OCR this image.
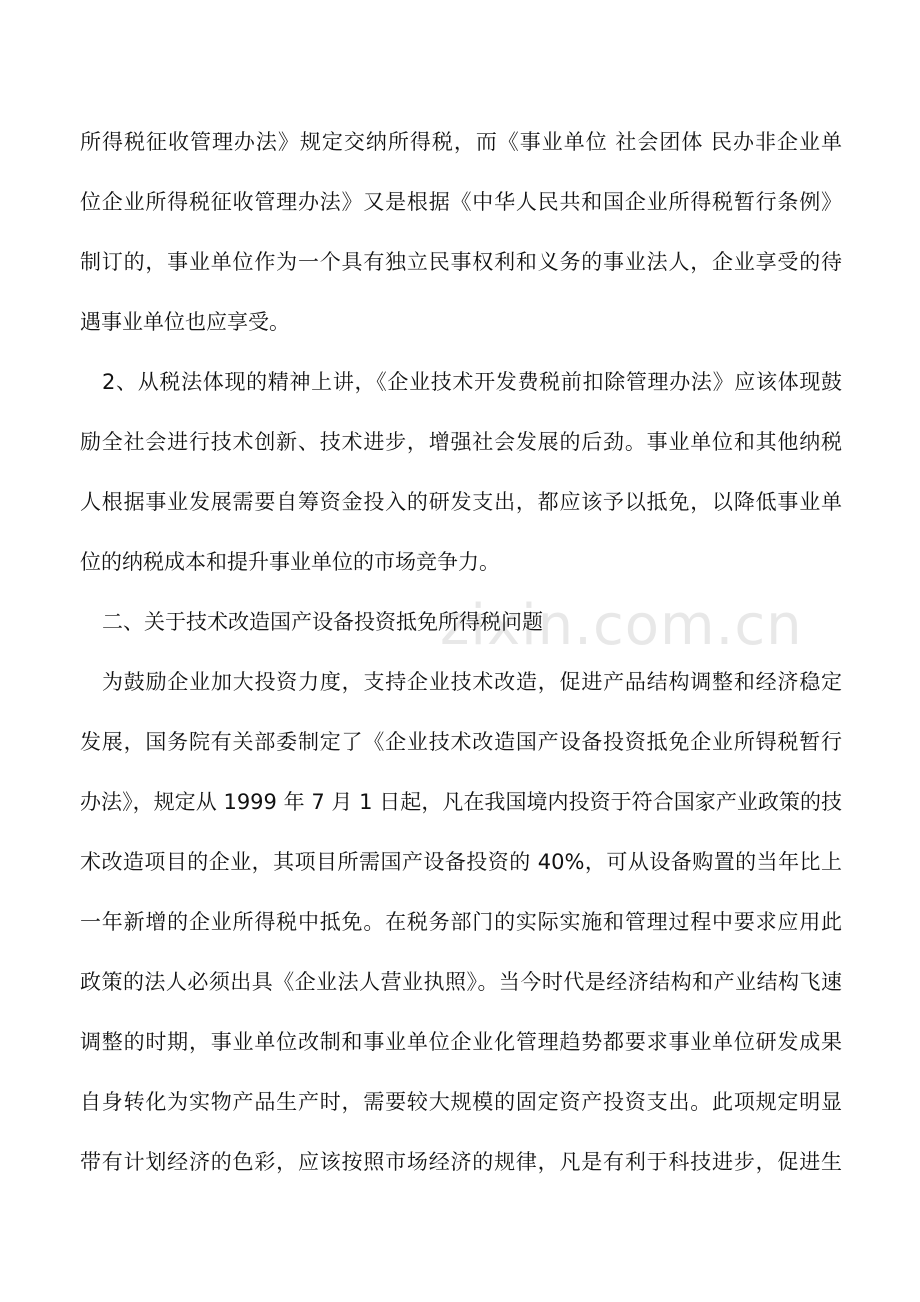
zixin.com.cn
所得税征收管理办法》规定交纳所得税，而《事业单位 社会团体 民办非企业单
位企业所得税征收管理办法》又是根据《中华人民共和国企业所得税暂行条例》
制订的，事业单位作为一个具有独立民事权利和义务的事业法人，企业享受的待
遇事业单位也应享受。
2、从税法体现的精神上讲，《企业技术开发费税前扣除管理办法》应该体现鼓
励全社会进行技术创新、技术进步，增强社会发展的后劲。事业单位和其他纳税
人根据事业发展需要自筹资金投入的研发支出，都应该予以抵免，以降低事业单
位的纳税成本和提升事业单位的市场竞争力。
二、关于技术改造国产设备投资抵免所得税问题
为鼓励企业加大投资力度，支持企业技术改造，促进产品结构调整和经济稳定
发展，国务院有关部委制定了《企业技术改造国产设备投资抵免企业所锝税暂行
办法》，规定从 1999 年 7 月 1 日起，凡在我国境内投资于符合国家产业政策的技
术改造项目的企业，其项目所需国产设备投资的 40%，可从设备购置的当年比上
一年新增的企业所得税中抵免。在税务部门的实际实施和管理过程中要求应用此
政策的法人必须出具《企业法人营业执照》。当今时代是经济结构和产业结构飞速
调整的时期，事业单位改制和事业单位企业化管理趋势都要求事业单位研发成果
自身转化为实物产品生产时，需要较大规模的固定资产投资支出。此项规定明显
带有计划经济的色彩，应该按照市场经济的规律，凡是有利于科技进步，促进生
